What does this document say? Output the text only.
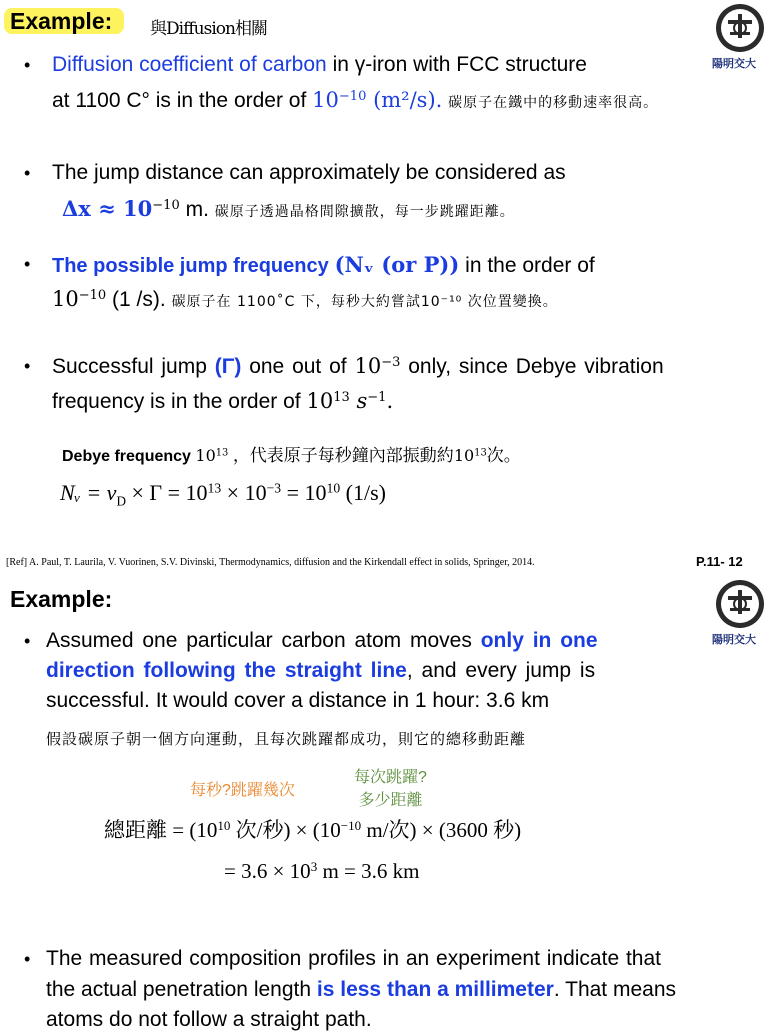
Example:	與Diffusion相關
陽明交大
• Diffusion coefficient of carbon in γ-iron with FCC structure
at 1100 C° is in the order of $10^{-10}$ (m²/s). 碳原子在鐵中的移動速率很高。
• The jump distance can approximately be considered as
$\Delta x \approx 10^{-10}$ m. 碳原子透過晶格間隙擴散，每一步跳躍距離。
• The possible jump frequency (Nᵥ (or P)) in the order of
$10^{-10}$ (1 /s). 碳原子在 1100˚C 下，每秒大約嘗試10⁻¹⁰ 次位置變換。
• Successful jump (Γ) one out of $10^{-3}$ only, since Debye vibration
frequency is in the order of $10^{13}$ $s^{-1}$.
Debye frequency $10^{13}$ ，代表原子每秒鐘內部振動約$10^{13}$次。
Nᵥ = $\nu_D \times \Gamma = 10^{13} \times 10^{-3} = 10^{10}$ (1/s)
[Ref] A. Paul, T. Laurila, V. Vuorinen, S.V. Divinski, Thermodynamics, diffusion and the Kirkendall effect in solids, Springer, 2014.	P.11- 12
Example:
陽明交大
• Assumed one particular carbon atom moves only in one
direction following the straight line, and every jump is
successful. It would cover a distance in 1 hour: 3.6 km
假設碳原子朝一個方向運動，且每次跳躍都成功，則它的總移動距離
每秒?跳躍幾次
每次跳躍?
多少距離
總距離 = ($10^{10}$ 次/秒) × ($10^{-10}$ m/次) × (3600 秒)
= $3.6 \times 10^3$ m = 3.6 km
• The measured composition profiles in an experiment indicate that
the actual penetration length is less than a millimeter. That means
atoms do not follow a straight path.
